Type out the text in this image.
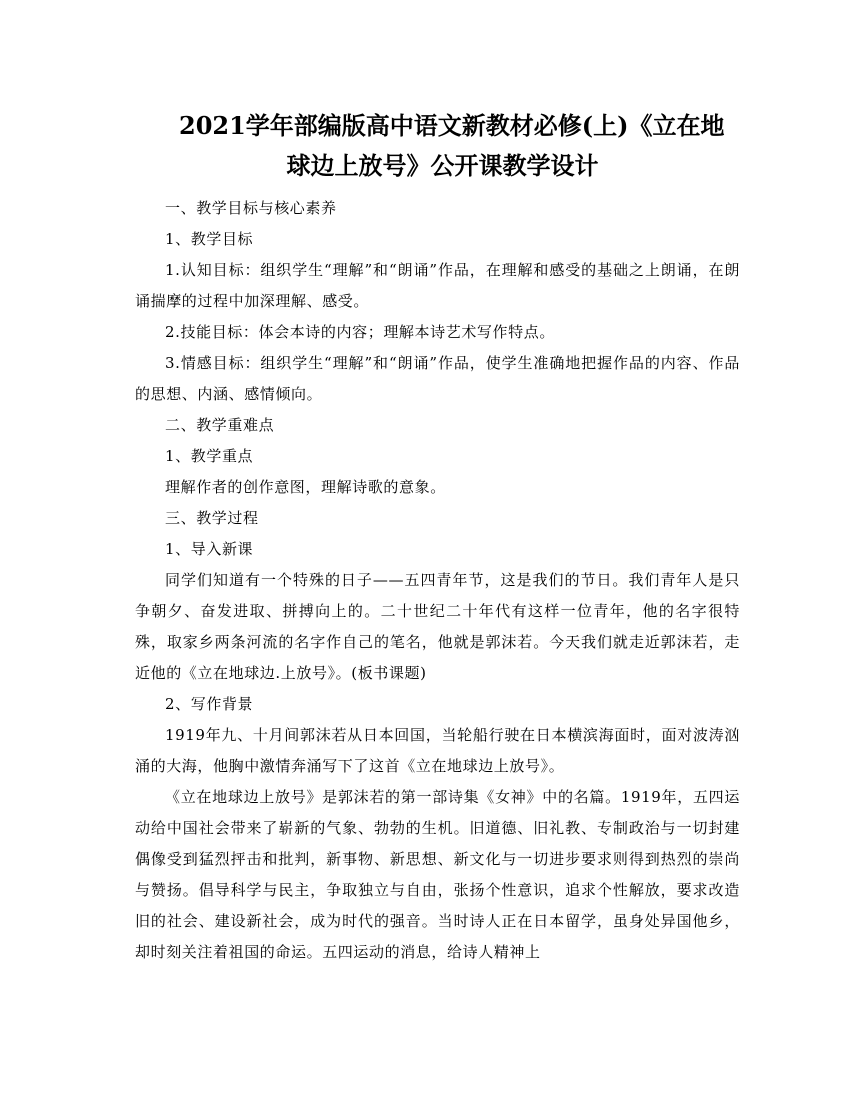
2021学年部编版高中语文新教材必修(上)《立在地
球边上放号》公开课教学设计

一、教学目标与核心素养

1、教学目标

1.认知目标：组织学生“理解”和“朗诵”作品，在理解和感受的基础之上朗诵，在朗诵揣摩的过程中加深理解、感受。

2.技能目标：体会本诗的内容；理解本诗艺术写作特点。

3.情感目标：组织学生“理解”和“朗诵”作品，使学生准确地把握作品的内容、作品的思想、内涵、感情倾向。

二、教学重难点

1、教学重点

理解作者的创作意图，理解诗歌的意象。

三、教学过程

1、导入新课

同学们知道有一个特殊的日子——五四青年节，这是我们的节日。我们青年人是只争朝夕、奋发进取、拼搏向上的。二十世纪二十年代有这样一位青年，他的名字很特殊，取家乡两条河流的名字作自己的笔名，他就是郭沫若。今天我们就走近郭沫若，走近他的《立在地球边.上放号》。(板书课题)

2、写作背景

1919年九、十月间郭沫若从日本回国，当轮船行驶在日本横滨海面时，面对波涛汹涌的大海，他胸中激情奔涌写下了这首《立在地球边上放号》。

《立在地球边上放号》是郭沫若的第一部诗集《女神》中的名篇。1919年，五四运动给中国社会带来了崭新的气象、勃勃的生机。旧道德、旧礼教、专制政治与一切封建偶像受到猛烈抨击和批判，新事物、新思想、新文化与一切进步要求则得到热烈的崇尚与赞扬。倡导科学与民主，争取独立与自由，张扬个性意识，追求个性解放，要求改造旧的社会、建设新社会，成为时代的强音。当时诗人正在日本留学，虽身处异国他乡，却时刻关注着祖国的命运。五四运动的消息，给诗人精神上
